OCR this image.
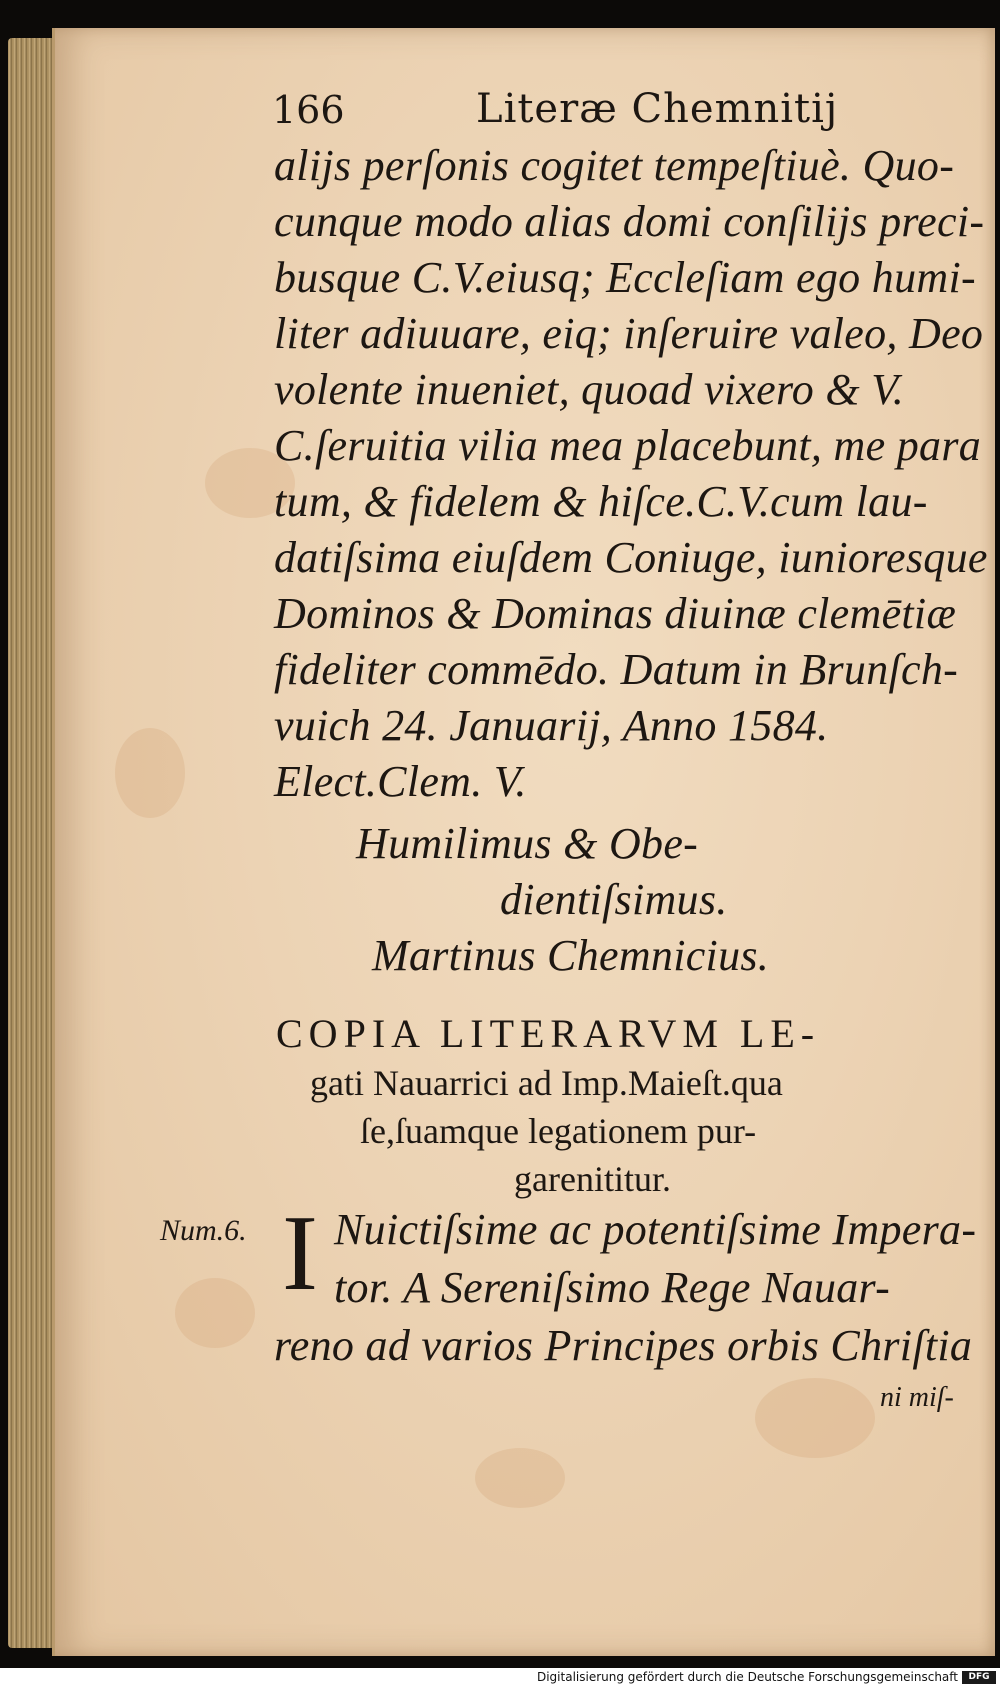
166	Literæ Chemnitij
alijs perſonis cogitet tempeſtiuè. Quo-
cunque modo alias domi conſilijs preci-
busque C.V.eiusq; Eccleſiam ego humi-
liter adiuuare, eiq; inſeruire valeo, Deo
volente inueniet, quoad vixero & V.
C.ſeruitia vilia mea placebunt, me para
tum, & fidelem & hiſce.C.V.cum lau-
datiſsima eiuſdem Coniuge, iunioresque
Dominos & Dominas diuinæ clemētiæ
fideliter commēdo. Datum in Brunſch-
vuich 24. Januarij, Anno 1584.
Elect.Clem. V.
Humilimus & Obe-
dientiſsimus.
Martinus Chemnicius.
COPIA LITERARVM LE-
gati Nauarrici ad Imp.Maieſt.qua
ſe,ſuamque legationem pur-
garenititur.
Num.6. I Nuictiſsime ac potentiſsime Impera-
tor. A Sereniſsimo Rege Nauar-
reno ad varios Principes orbis Chriſtia
ni miſ-
Digitalisierung gefördert durch die Deutsche Forschungsgemeinschaft	DFG
